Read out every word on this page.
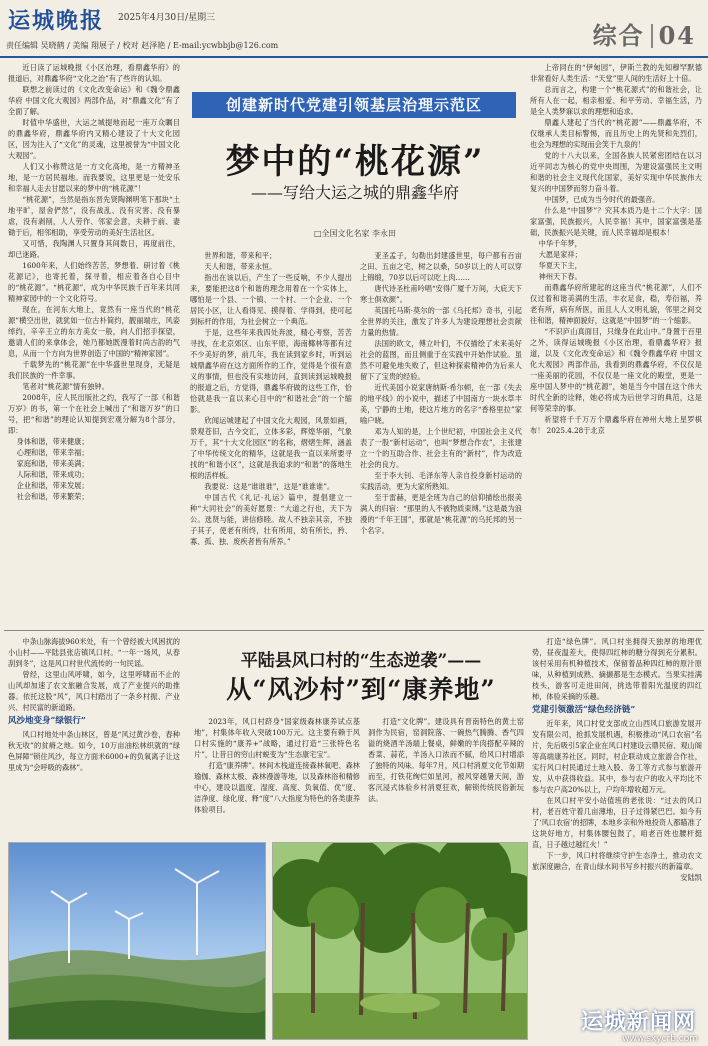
运城晚报 2025年4月30日/星期三
责任编辑 吴晓鹤 / 美编 翔展子 / 校对 赵泽艳 / E-mail:ycwbbjb@126.com	综合 04
创建新时代党建引领基层治理示范区
梦中的“桃花源”
——写给大运之城的鼎鑫华府
□全国文化名家 李永田

近日读了运城晚报《小区治理，看鼎鑫华府》的报道后，对鼎鑫华府“文化之治”有了些许的认知。

联想之前读过的《文化改变命运》和《魏令鼎鑫华府 中国文化大观园》两部作品，对“鼎鑫文化”有了全面了解。

时值中华盛世，大运之城提地而起一座万众瞩目的鼎鑫华府，鼎鑫华府内又精心建设了十大文化园区，因为注入了“文化”的灵魂，这里被誉为“中国文化大观园”。

人们又小称赞这是一方文化高地，是一方精神圣地，是一方居民福地。而我要说，这里更是一处安乐和幸福人走去甘愿以来的梦中的“桃花源”！

“桃花源”，当然是指东晋先贤陶渊明笔下那块“土地平旷，屋舍俨然”，没有战乱、没有灾害、没有暴虐，没有剥削，人人劳作、邻家会意，夫耕于前、妻锄于后，相邻相助，享受劳动的美好生活社区。

又可惜，我陶渊人只置身其间数日，再度前往，却已迷路。

1600年来，人们始终苦苦，梦想着、研讨着《桃花源记》，也寄托着，探寻着，相应着各自心目中的“桃花源”。“桃花源”，成为中华民族千百年来共同精神家园中的一个文化符号。

现在，在河东大地上，竟然有一座当代的“桃花源”横空出世，就犹如一位古朴简约，靓丽端庄，风姿绰约，辛辛王立的东方美女一般，向人们招手探望，邀请人们的来拿体会，她乃都她既漫着时尚古韵的气息，从而一个方向为世界创造了中国的“精神家园”。

千载梦先的“桃花源”在中华盛世里现身，无疑是我们民族的一件幸事。

笔者对“桃花源”情有独钟。

2008年，应人民出版社之约，我写了一部《和谐万岁》的书，第一个在社会上喊出了“和谐万岁”的口号，把“和谐”的理论认知提到宏观分解为8个部分，即：

身体和谐，带来健康；

心理和谐，带来幸福；

家庭和谐，带来美满；

人际和谐，带来成功；

企业和谐，带来发展；

社会和谐，带来繁荣；

世界和谐，带来和平；

天人和谐，带来永恒。

指出在该以后，产生了一些反响，不少人提出来，要能把这8个和谐的理念用着在一个实体上，哪怕是一个县、一个镇、一个村、一个企业、一个居民小区，让人看得见、摸得着、学得到，使可起到标杆的作用，为社会树立一个典范。

于是，这些年来我四处奔波，精心考察，苦苦寻找，在北京郊区、山东平原，海南椰林等都有过不少美好的梦，前几年，我在读到家乡时，听到运城鼎鑫华府在这方面所作的工作，觉得是个很有意义的事情，但也没有实地访问，直到读到运城晚报的报道之后，方觉得，鼎鑫华府做的这些工作，恰恰就是我一直以来心目中的“和谐社会”的一个缩影。

欣闻运城建起了中国文化大观园，风景如画，景观苍旧，古今交汇，立体多彩，辉煌华丽，气象万千，其“十大文化园区”的名称，熠熠生辉，涵盖了中华传统文化的精华，这就是我一直以来所要寻找的“和谐小区”，这就是我追求的“和谐”的落地生根的活样板。

我要说：这是“谁谁谁”，这是“谁谁谁”。

中国古代《礼记·礼运》篇中，提倡建立一种“大同社会”的美好愿景：“大道之行也，天下为公。选贤与能，讲信修睦。故人不独亲其亲，不独子其子，使老有所终，壮有所用，幼有所长，矜、寡、孤、独、废疾者皆有所养。”

亚圣孟子，勾勒出封建盛世里，每户都有百亩之田、五亩之宅，树之以桑，50岁以上的人可以穿上锦缎，70岁以后可以吃上肉……

唐代诗圣杜甫吟唱“安得广厦千万间，大庇天下寒士俱欢颜”。

英国托马斯·莫尔的一部《乌托邦》奇书，引起全世界的关注，激发了许多人为建设理想社会贡献力量的热情。

法国的欧文，傅立叶们，不仅描绘了未来美好社会的蓝图，而且侧重于在实践中开始作试验。虽然不可避免地失败了，但这种探索精神仍为后来人留下了宝贵的经验。

近代美国小说家唐纳斯·希尔顿，在一部《失去的地平线》的小说中，描述了中国南方一块水草丰美，宁静的土地，使这片地方的名字“香格里拉”家喻户晓。

邓为人知的是，上个世纪初，中国社会主义代表了一股“新村运动”，也叫“梦想合作农”，主张建立一个的互助合作、社会主有的“新村”，作为改造社会的良方。

至于李大钊、毛泽东等人亲自投身新村运动的实践活动，更为大家所熟知。

至于雷赫，更是全班为自己的信仰描绘出报美满人的归宿：“那里的人不被物质束缚。”这是最为浪漫的“千年王国”，那就是“桃花源”的乌托邦的另一个名字。

上帝同在的“伊甸园”，伊斯兰教的先知穆罕默德非常看好人类生活：“天堂”里人间的生活好上十倍。

总而言之，构建一个“桃花源式”的和谐社会，让所有人在一起，相亲相爱、和平劳动、幸福生活，乃是全人类梦寐以求的理想和追求。

鼎鑫人建起了当代的“桃花源”——鼎鑫华府，不仅继承人类目标警惕，而且历史上的先贤和先烈们，也会为理想的实现而会笑于九泉的！

党的十八大以来，全国各族人民紧密团结在以习近平同志为核心的党中央周围，为建设富强民主文明和谐的社会主义现代化国家，美好实现中华民族伟大复兴的中国梦而努力奋斗着。

中国梦，已成为当今时代的最强音。

什么是“中国梦”？究其本质乃是十二个大字：国家富强，民族振兴，人民幸福！其中，国家富强是基础，民族振兴是关键，而人民幸福却是根本！

中华千年梦，

大愿是家祥；

华夏天下主，

神州天下春。

而鼎鑫华府所建起的这座当代“桃花源”，人们不仅过着和谐美满的生活，丰衣足食，稳，寿衍福，养老有所，病有所医，而且人人文明礼貌，邻里之间交往和谐，精神面貌好，这就是“中国梦”的一个缩影。

“不识庐山真面目，只缘身在此山中。”身置于百里之外，读得运城晚报《小区治理，看鼎鑫华府》报道，以及《文化改变命运》和《魏令鼎鑫华府 中国文化大观园》两部作品，我看到的鼎鑫华府，不仅仅是一座美丽的花园，不仅仅是一座文化的殿堂，更是一座中国人梦中的“桃花源”，她是当今中国在这个伟大时代全新的诠释，她必将成为后世学习的典范，这是何等荣幸的事。

祈望将千千万万个鼎鑫华府在神州大地上星罗棋布！ 2025.4.28于北京

平陆县风口村的“生态逆袭”——
从“风沙村”到“康养地”

中条山脉海拔960米处，有一个曾经被大风困扰的小山村——平陆县张店镇风口村。“一年一场风，从春刮到冬”，这是风口村世代流传的一句民谣。

曾经，这里山风呼啸，如今，这里呼啸而不止的山风却加速了农文旅融合发展，成了产业提兴的助推器。依托这股“风”，风口村踏出了一条乡村振、产业兴、村民富的新道路。

风沙地变身“绿银行”

风口村地处中条山林区，曾是“风过黄沙卷，春种秋无收”的贫瘠之地。如今，10万亩油松林织就的“绿色屏障”锁住风沙，每立方面米6000+的负氧离子让这里成为“会呼吸的森林”。

2023年，风口村跻身“国家级森林康养试点基地”，村集体年收入突破100万元。这主要有赖于风口村实施的“康养+”战略，通过打造“三张特色名片”，让昔日的穷山村蜕变为“生态康宅宝”。

打造“康养牌”。林间木栈道连接森林氧吧、森林瑜伽、森林太极、森林漫游等地，以及森林浴和精修中心，建设以温度、湿度、高度、负氧值、优”度、洁净度、绿化度、释“度”八大指度为特色的各类康养体验项目。

打造“文化牌”。建设具有晋南特色的黄土窑洞作为民宿，窑洞院落、一碗热气腾腾、香气四溢的烧酒羊汤端上餐桌，鲜嫩的羊肉搭配辛辣的香菜、蒜花，羊汤入口浓而不腻，给风口村增添了独特的风味。每年7月，风口村消夏文化节如期而至，打铁花绚烂如星河，被风穿越暑天间，游客沉浸式体验乡村消夏狂欢，解锁传统民俗新玩法。

打造“绿色牌”。风口村坐拥得天独厚的地理优势，昼夜温差大，使得四红柿的糖分得到充分累积。该村采用有机种植技术，保留着品种四红柿的原汁原味，从种植到成熟、摘撷都是生态模式。当果实挂满枝头，游客可走进田间，挑选带着阳光温度的四红柿，体验采摘的乐趣。

党建引领激活“绿色经济链”

近年来，风口村党支部成立山西风口旅游发展开发有限公司，抢抓发展机遇，积极推动“风口农宿”名片，先后吸引5家企业在风口村建设云鼎民宿、观山阁等高端康养社区。同时，村企联动成立旅游合作社，实行风口村民通过土地入股、务工等方式参与旅游开发，从中获得收益。其中，参与农户的收入平均比不参与农户高20%以上，户均年增收超万元。

在风口村平安小站值班的老张说：“过去的风口村，老百姓守着几亩薄地，日子过得紧巴巴。如今有了‘风口农宿’的招牌，本地乡亲和外地投资人都瞄准了这块好地方，村集体腰包鼓了，咱老百姓也腰杆挺直，日子越过越红火！”

下一步，风口村将继续守护生态净土，推动农文旅深度融合，在青山绿水间书写乡村振兴的新篇章。

安陆凯

运城新闻网
www.sxycrb.com
